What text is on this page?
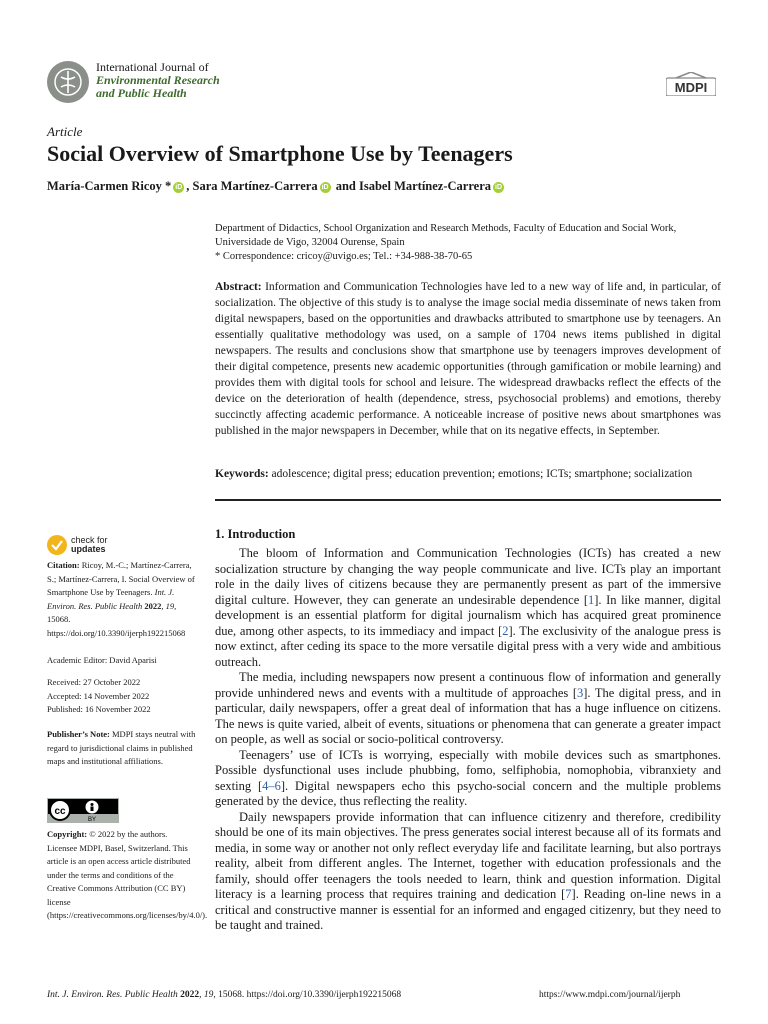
International Journal of
Environmental Research
and Public Health	MDPI
Article
Social Overview of Smartphone Use by Teenagers
María-Carmen Ricoy * iD , Sara Martínez-Carrera iD and Isabel Martínez-Carrera iD
Department of Didactics, School Organization and Research Methods, Faculty of Education and Social Work, Universidade de Vigo, 32004 Ourense, Spain
* Correspondence: cricoy@uvigo.es; Tel.: +34-988-38-70-65
Abstract: Information and Communication Technologies have led to a new way of life and, in particular, of socialization. The objective of this study is to analyse the image social media disseminate of news taken from digital newspapers, based on the opportunities and drawbacks attributed to smartphone use by teenagers. An essentially qualitative methodology was used, on a sample of 1704 news items published in digital newspapers. The results and conclusions show that smartphone use by teenagers improves development of their digital competence, presents new academic opportunities (through gamification or mobile learning) and provides them with digital tools for school and leisure. The widespread drawbacks reflect the effects of the device on the deterioration of health (dependence, stress, psychosocial problems) and emotions, thereby succinctly affecting academic performance. A noticeable increase of positive news about smartphones was published in the major newspapers in December, while that on its negative effects, in September.
Keywords: adolescence; digital press; education prevention; emotions; ICTs; smartphone; socialization
check for
updates
Citation: Ricoy, M.-C.; Martínez-Carrera, S.; Martínez-Carrera, I. Social Overview of Smartphone Use by Teenagers. Int. J. Environ. Res. Public Health 2022, 19, 15068. https://doi.org/10.3390/ijerph192215068
Academic Editor: David Aparisi
Received: 27 October 2022
Accepted: 14 November 2022
Published: 16 November 2022
Publisher’s Note: MDPI stays neutral with regard to jurisdictional claims in published maps and institutional affiliations.
cc
BY
Copyright: © 2022 by the authors. Licensee MDPI, Basel, Switzerland. This article is an open access article distributed under the terms and conditions of the Creative Commons Attribution (CC BY) license (https://creativecommons.org/licenses/by/4.0/).
1. Introduction

The bloom of Information and Communication Technologies (ICTs) has created a new socialization structure by changing the way people communicate and live. ICTs play an important role in the daily lives of citizens because they are permanently present as part of the immersive digital culture. However, they can generate an undesirable dependence [1]. In like manner, digital development is an essential platform for digital journalism which has acquired great prominence due, among other aspects, to its immediacy and impact [2]. The exclusivity of the analogue press is now extinct, after ceding its space to the more versatile digital press with a very wide and ambitious outreach.

The media, including newspapers now present a continuous flow of information and generally provide unhindered news and events with a multitude of approaches [3]. The digital press, and in particular, daily newspapers, offer a great deal of information that has a huge influence on citizens. The news is quite varied, albeit of events, situations or phenomena that can generate a greater impact on people, as well as social or socio-political controversy.

Teenagers’ use of ICTs is worrying, especially with mobile devices such as smartphones. Possible dysfunctional uses include phubbing, fomo, selfiphobia, nomophobia, vibranxiety and sexting [4–6]. Digital newspapers echo this psycho-social concern and the multiple problems generated by the device, thus reflecting the reality.

Daily newspapers provide information that can influence citizenry and therefore, credibility should be one of its main objectives. The press generates social interest because all of its formats and media, in some way or another not only reflect everyday life and facilitate learning, but also portrays reality, albeit from different angles. The Internet, together with education professionals and the family, should offer teenagers the tools needed to learn, think and question information. Digital literacy is a learning process that requires training and dedication [7]. Reading on-line news in a critical and constructive manner is essential for an informed and engaged citizenry, but they need to be taught and trained.

Int. J. Environ. Res. Public Health 2022, 19, 15068. https://doi.org/10.3390/ijerph192215068	https://www.mdpi.com/journal/ijerph
